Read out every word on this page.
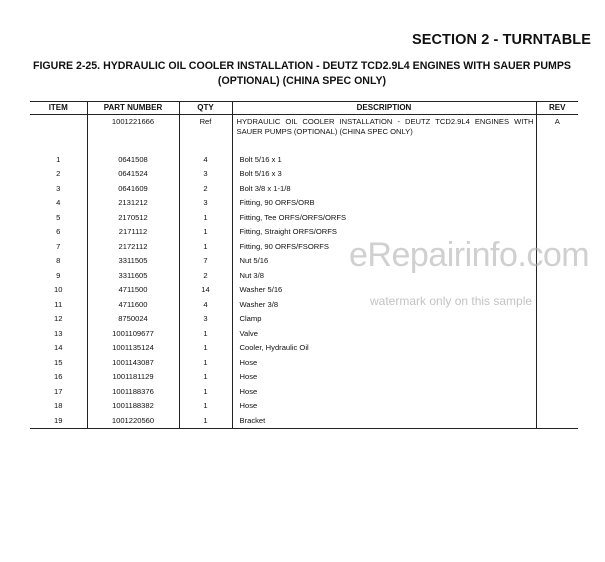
SECTION 2 - TURNTABLE
FIGURE 2-25. HYDRAULIC OIL COOLER INSTALLATION - DEUTZ TCD2.9L4 ENGINES WITH SAUER PUMPS (OPTIONAL) (CHINA SPEC ONLY)
ITEM	PART NUMBER	QTY	DESCRIPTION	REV
	1001221666	Ref	HYDRAULIC OIL COOLER INSTALLATION - DEUTZ TCD2.9L4 ENGINES WITH SAUER PUMPS (OPTIONAL) (CHINA SPEC ONLY)	A
1	0641508	4	Bolt 5/16 x 1	
2	0641524	3	Bolt 5/16 x 3	
3	0641609	2	Bolt 3/8 x 1-1/8	
4	2131212	3	Fitting, 90 ORFS/ORB	
5	2170512	1	Fitting, Tee ORFS/ORFS/ORFS	
6	2171112	1	Fitting, Straight ORFS/ORFS	
7	2172112	1	Fitting, 90 ORFS/FSORFS	
8	3311505	7	Nut 5/16	
9	3311605	2	Nut 3/8	
10	4711500	14	Washer 5/16	
11	4711600	4	Washer 3/8	
12	8750024	3	Clamp	
13	1001109677	1	Valve	
14	1001135124	1	Cooler, Hydraulic Oil	
15	1001143087	1	Hose	
16	1001181129	1	Hose	
17	1001188376	1	Hose	
18	1001188382	1	Hose	
19	1001220560	1	Bracket	
eRepairinfo.com
watermark only on this sample
